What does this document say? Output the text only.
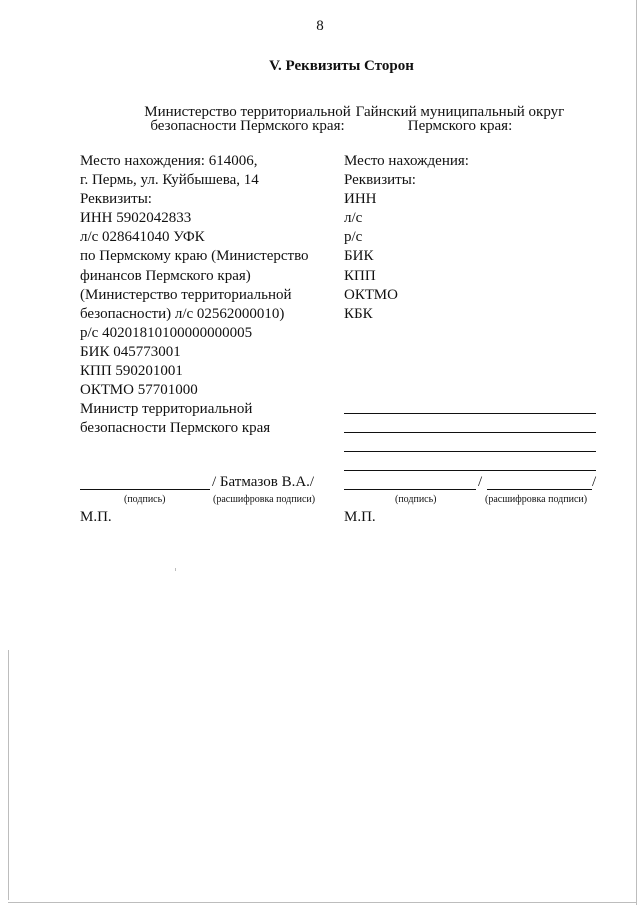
8
V. Реквизиты Сторон
Министерство территориальной
безопасности Пермского края:
Место нахождения: 614006,
г. Пермь, ул. Куйбышева, 14
Реквизиты:
ИНН 5902042833
л/с 028641040 УФК
по Пермскому краю (Министерство
финансов Пермского края)
(Министерство территориальной
безопасности) л/с 02562000010)
р/с 40201810100000000005
БИК 045773001
КПП 590201001
ОКТМО 57701000
Министр территориальной
безопасности Пермского края
/ Батмазов В.А./
(подпись)	(расшифровка подписи)
М.П.
Гайнский муниципальный округ
Пермского края:
Место нахождения:
Реквизиты:
ИНН
л/с
р/с
БИК
КПП
ОКТМО
КБК
/	/
(подпись)	(расшифровка подписи)
М.П.
